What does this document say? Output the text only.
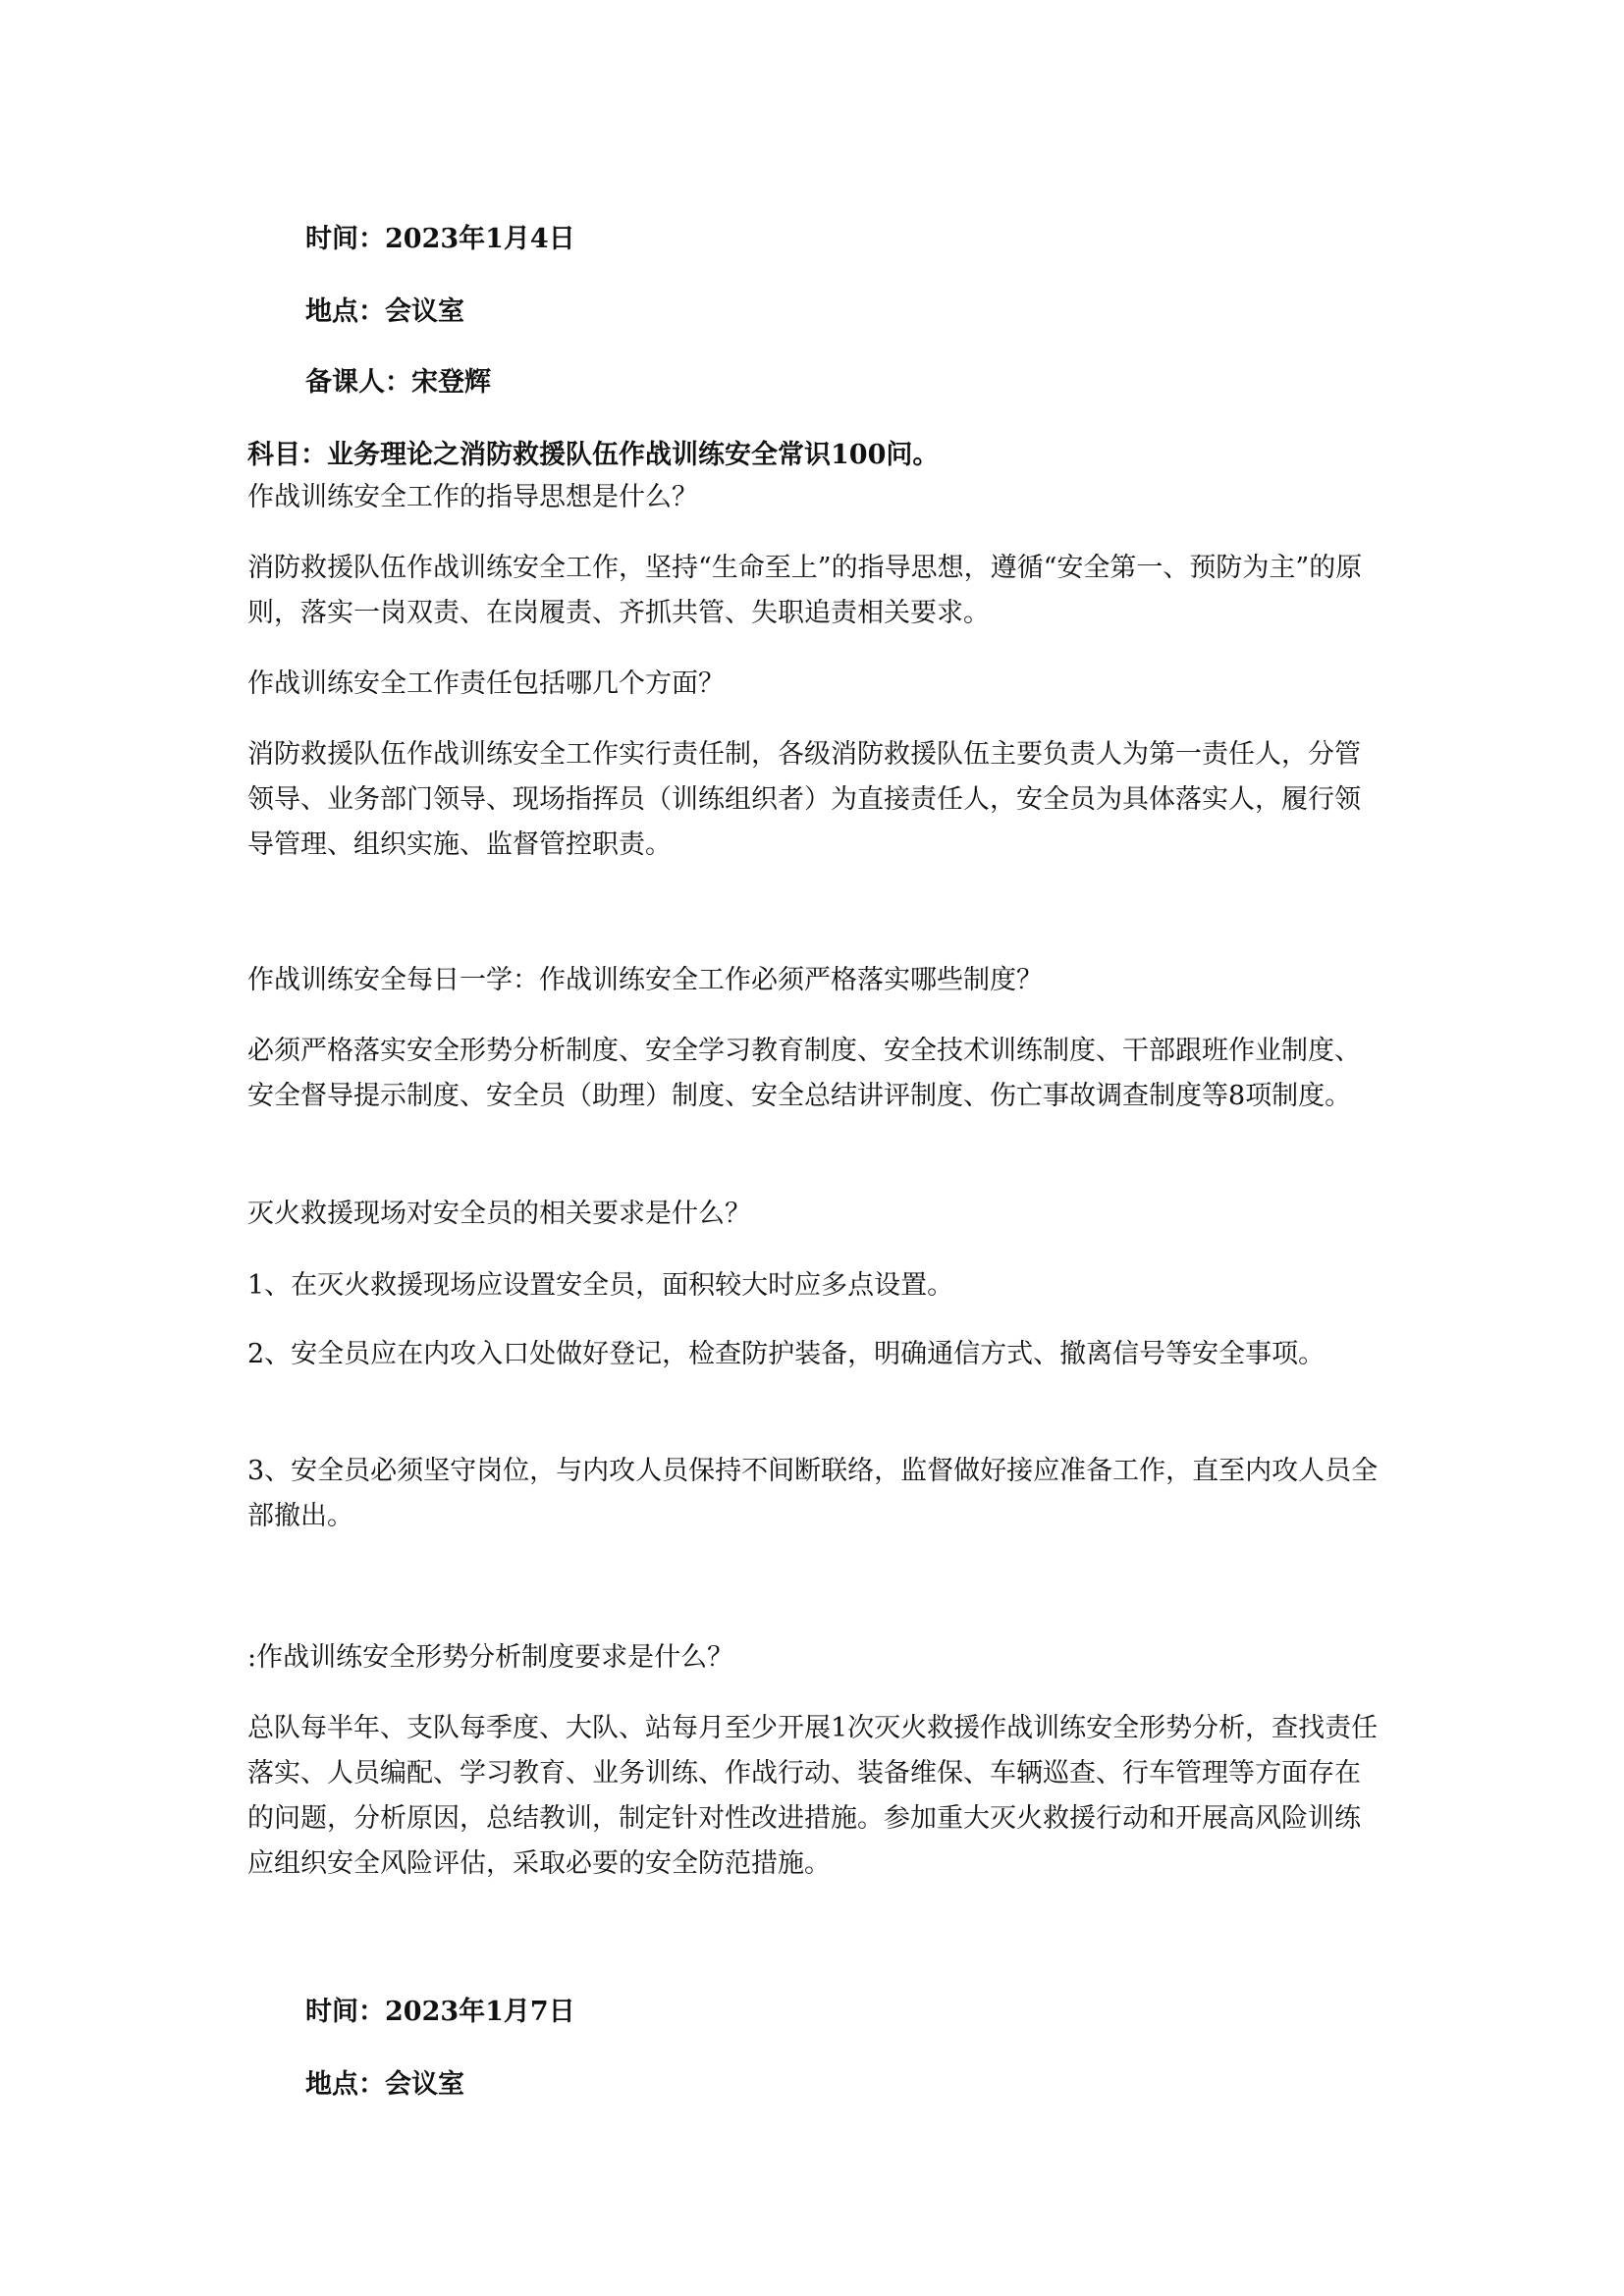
时间：2023年1月4日

地点：会议室

备课人：宋登辉

科目：业务理论之消防救援队伍作战训练安全常识100问。

作战训练安全工作的指导思想是什么？

消防救援队伍作战训练安全工作，坚持“生命至上”的指导思想，遵循“安全第一、预防为主”的原则，落实一岗双责、在岗履责、齐抓共管、失职追责相关要求。

作战训练安全工作责任包括哪几个方面？

消防救援队伍作战训练安全工作实行责任制，各级消防救援队伍主要负责人为第一责任人，分管领导、业务部门领导、现场指挥员（训练组织者）为直接责任人，安全员为具体落实人，履行领导管理、组织实施、监督管控职责。

作战训练安全每日一学：作战训练安全工作必须严格落实哪些制度？

必须严格落实安全形势分析制度、安全学习教育制度、安全技术训练制度、干部跟班作业制度、安全督导提示制度、安全员（助理）制度、安全总结讲评制度、伤亡事故调查制度等8项制度。

灭火救援现场对安全员的相关要求是什么？

1、在灭火救援现场应设置安全员，面积较大时应多点设置。

2、安全员应在内攻入口处做好登记，检查防护装备，明确通信方式、撤离信号等安全事项。

3、安全员必须坚守岗位，与内攻人员保持不间断联络，监督做好接应准备工作，直至内攻人员全部撤出。

:作战训练安全形势分析制度要求是什么？

总队每半年、支队每季度、大队、站每月至少开展1次灭火救援作战训练安全形势分析，查找责任落实、人员编配、学习教育、业务训练、作战行动、装备维保、车辆巡查、行车管理等方面存在的问题，分析原因，总结教训，制定针对性改进措施。参加重大灭火救援行动和开展高风险训练应组织安全风险评估，采取必要的安全防范措施。

时间：2023年1月7日

地点：会议室
